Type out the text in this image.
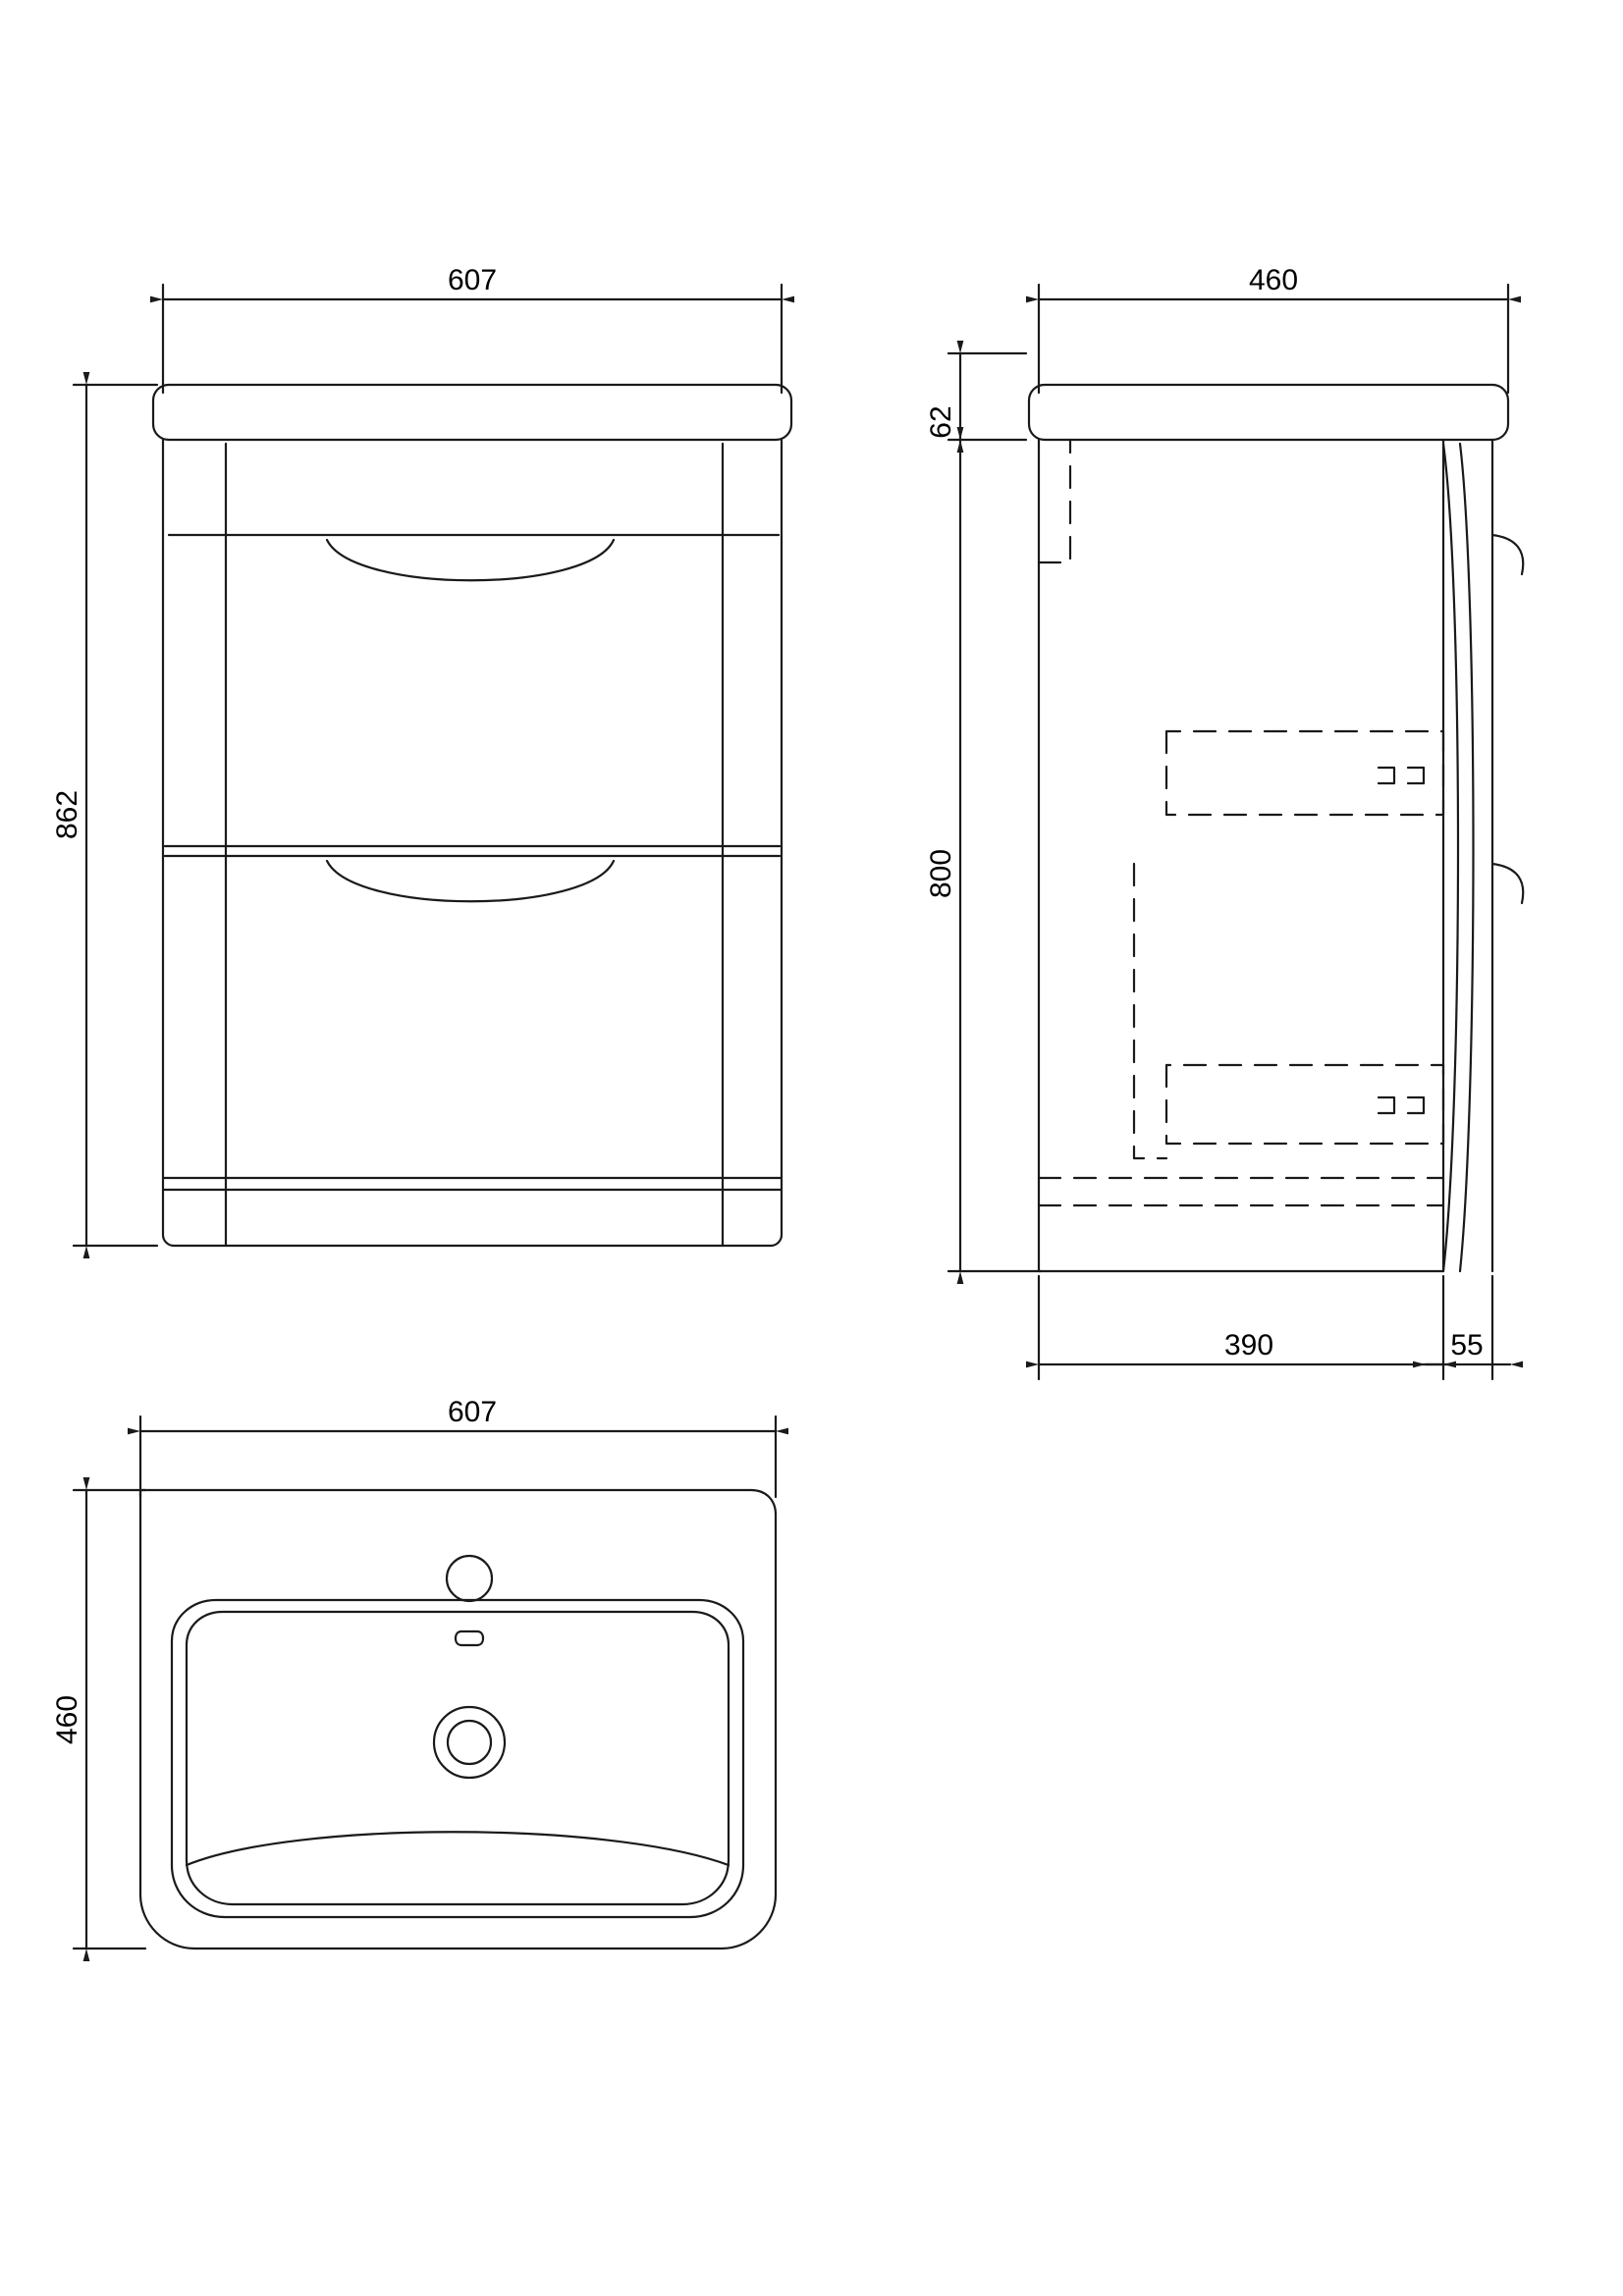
607
862
460
62
800
390	55
607
460
